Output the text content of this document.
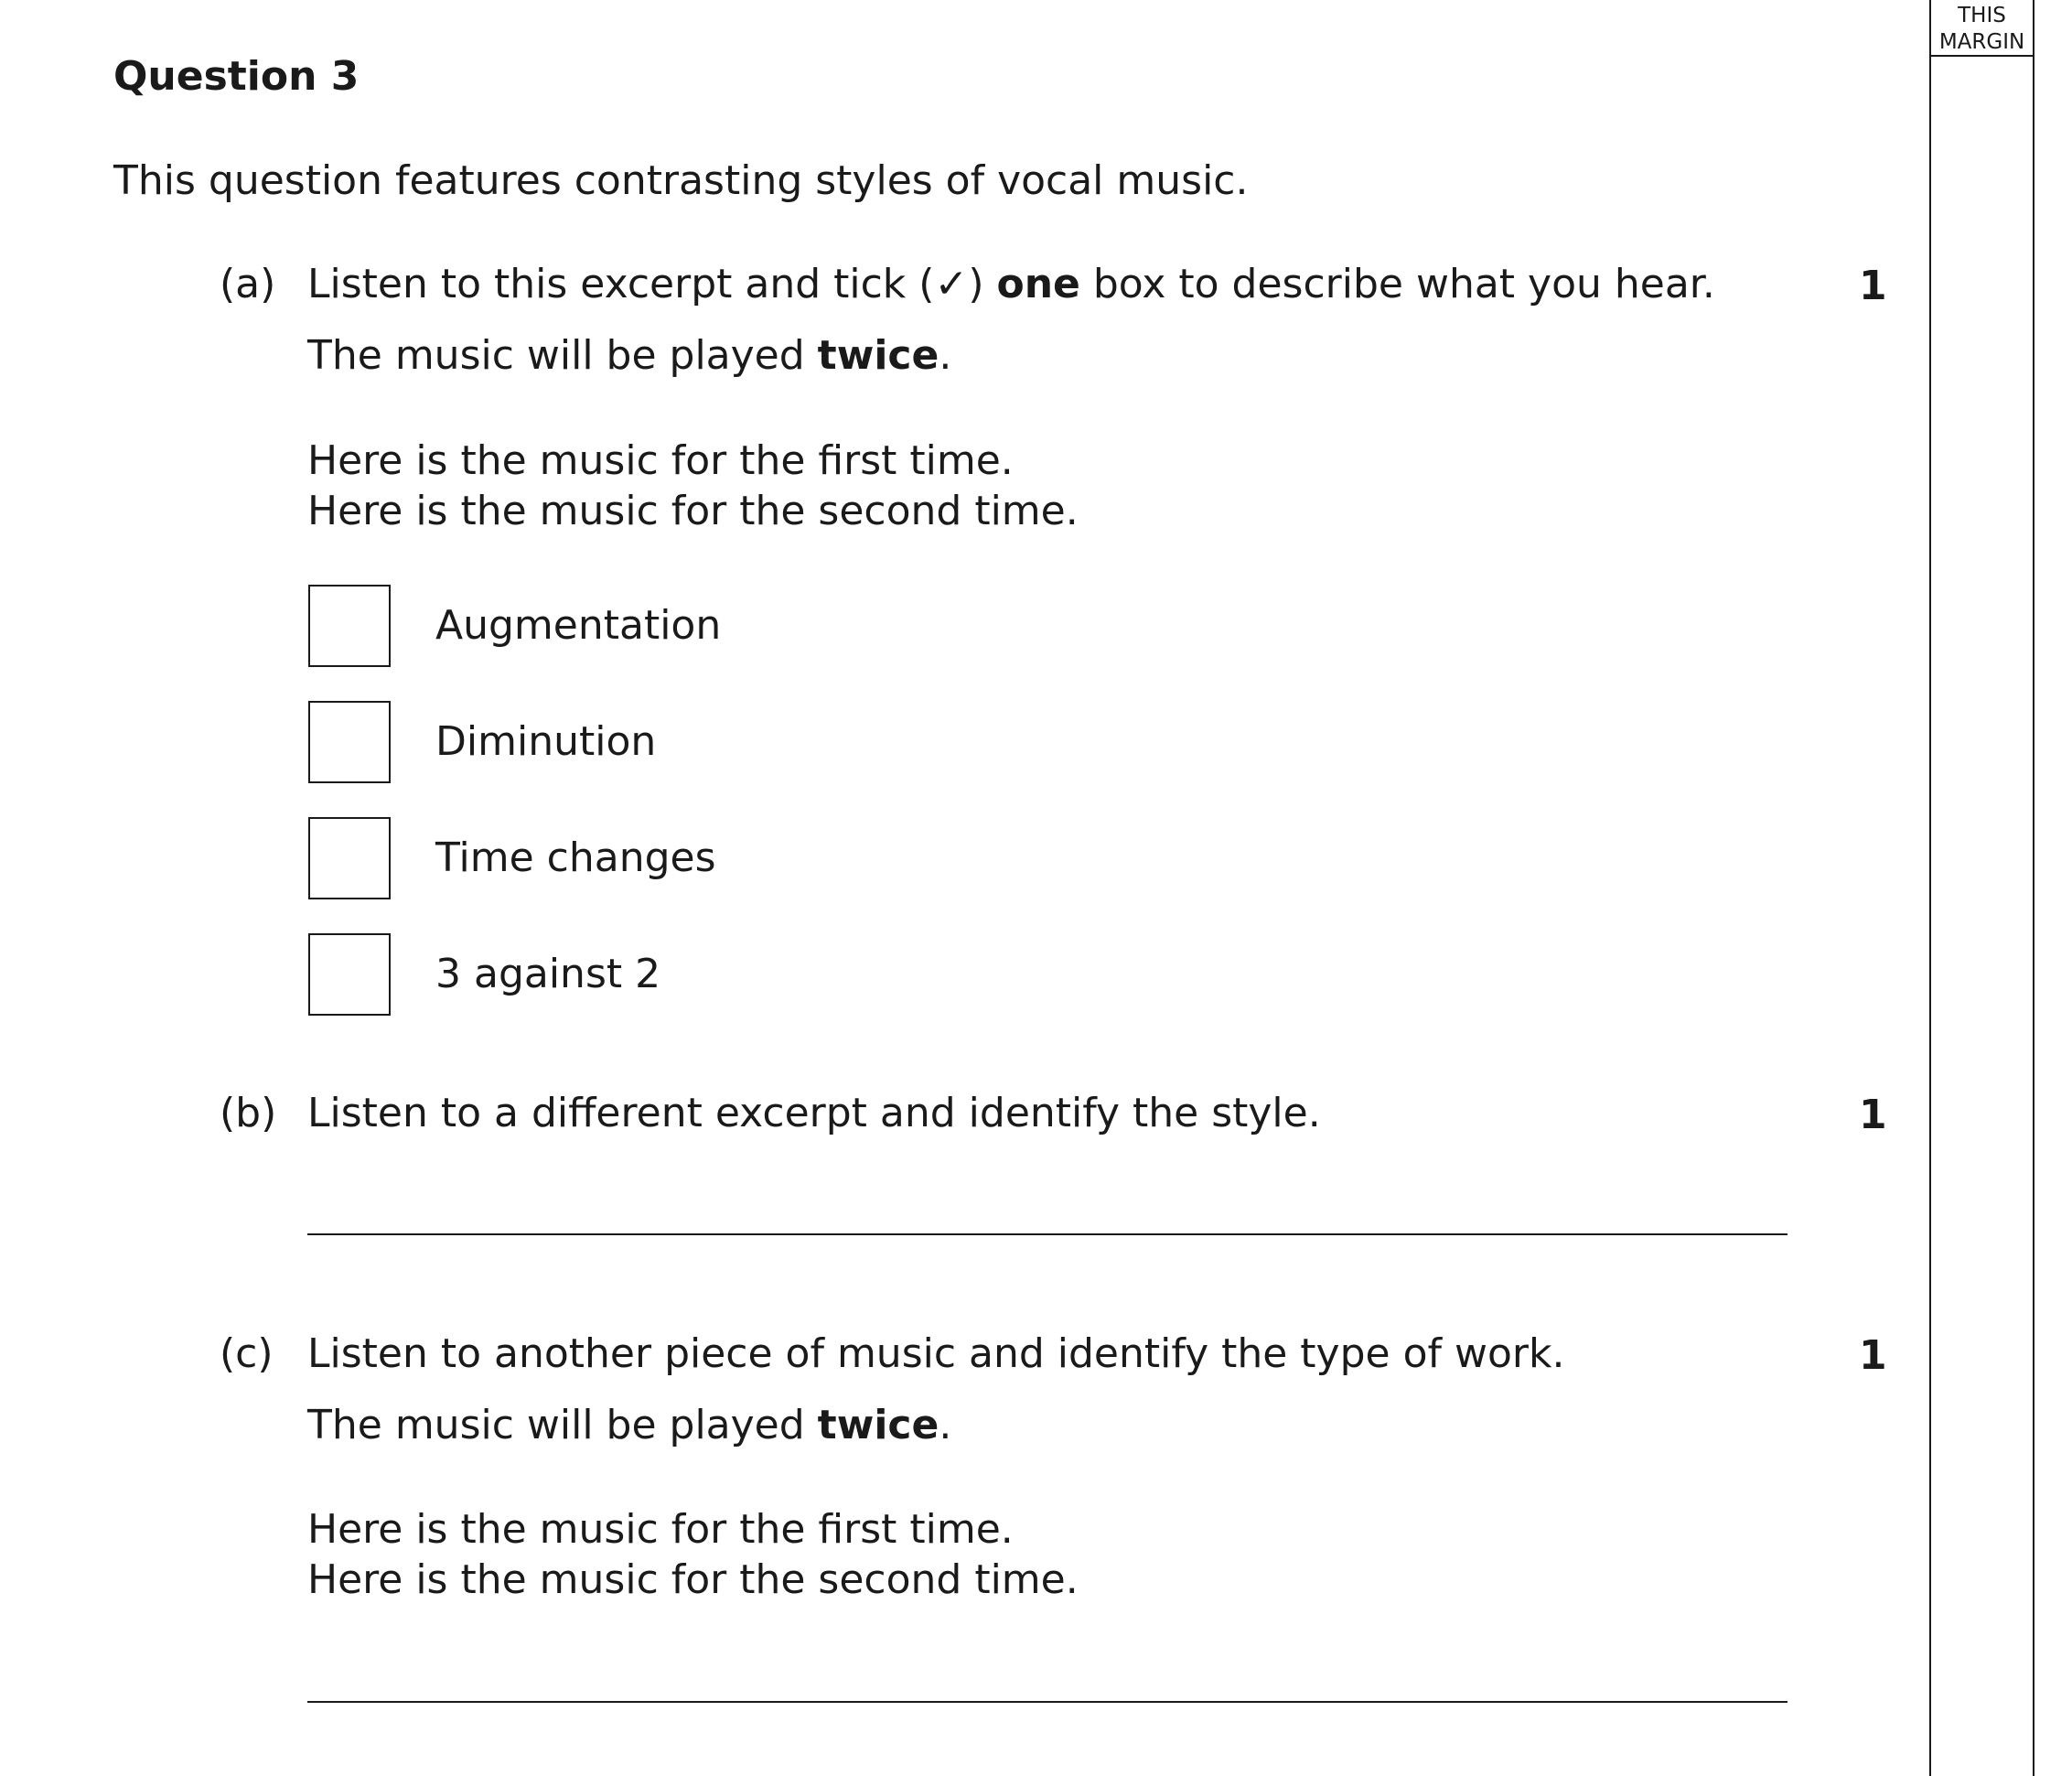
Question 3
This question features contrasting styles of vocal music.
(a) Listen to this excerpt and tick (✓) one box to describe what you hear.	1
The music will be played twice.
Here is the music for the first time.
Here is the music for the second time.
Augmentation
Diminution
Time changes
3 against 2
(b) Listen to a different excerpt and identify the style.	1
(c) Listen to another piece of music and identify the type of work.	1
The music will be played twice.
Here is the music for the first time.
Here is the music for the second time.
THIS
MARGIN
